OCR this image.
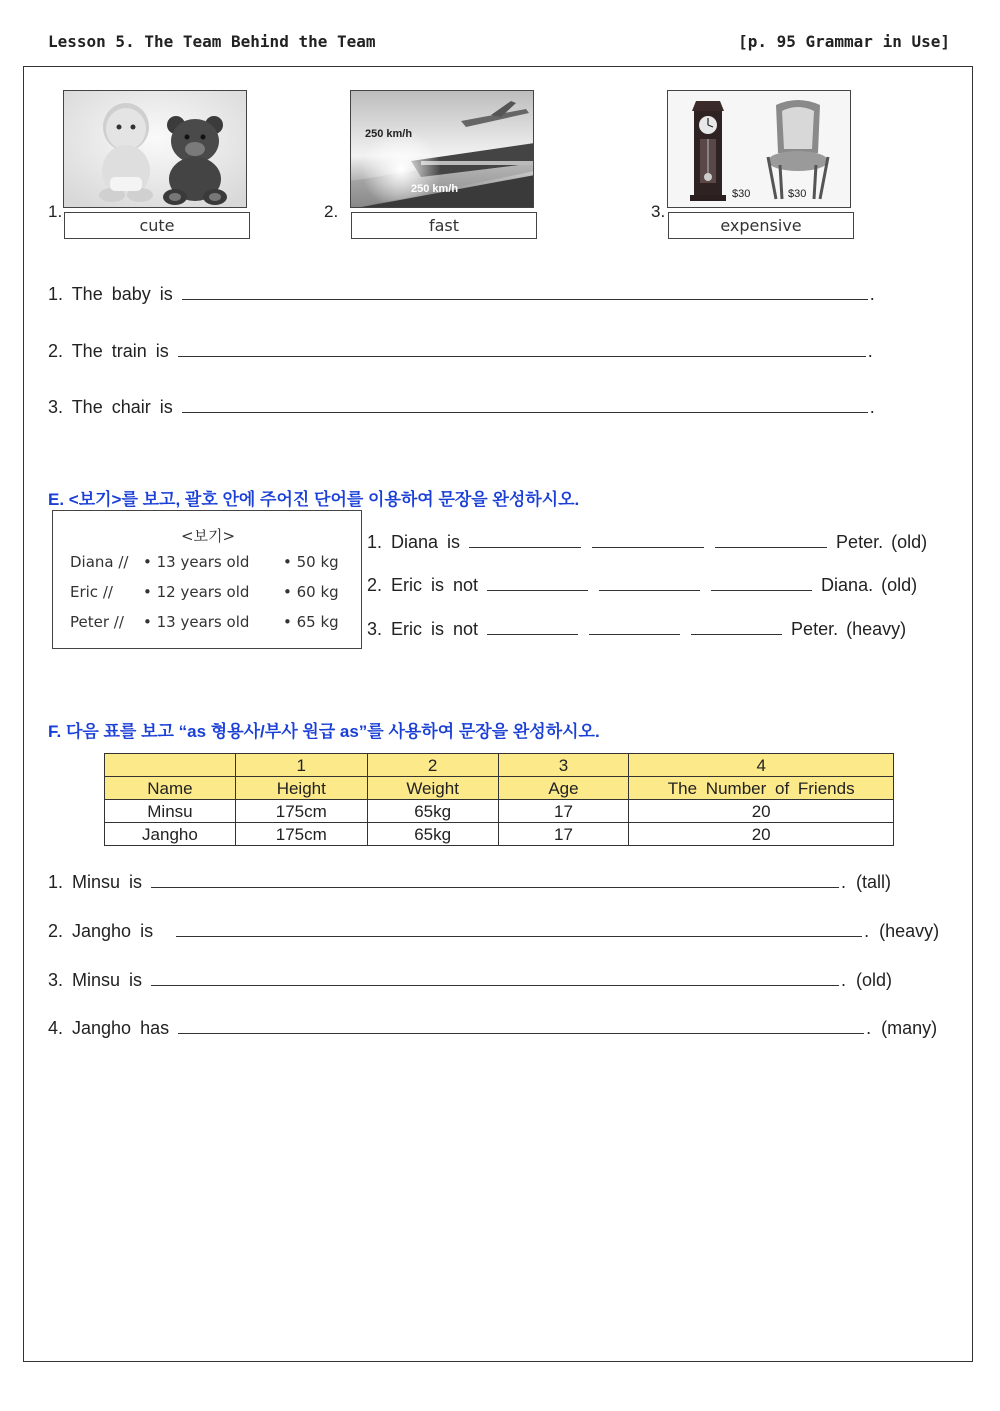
Lesson 5. The Team Behind the Team	[p. 95 Grammar in Use]
1.
cute
2.
250 km/h
250 km/h
fast
3.
$30	$30
expensive
1. The baby is	.
2. The train is	.
3. The chair is	.
E. <보기>를 보고, 괄호 안에 주어진 단어를 이용하여 문장을 완성하시오.
<보기>
Diana // • 13 years old • 50 kg
Eric // • 12 years old • 60 kg
Peter // • 13 years old • 65 kg
1. Diana is	Peter. (old)
2. Eric is not	Diana. (old)
3. Eric is not	Peter. (heavy)
F. 다음 표를 보고 “as 형용사/부사 원급 as”를 사용하여 문장을 완성하시오.
	1	2	3	4
Name	Height	Weight	Age	The Number of Friends
Minsu	175cm	65kg	17	20
Jangho	175cm	65kg	17	20
1. Minsu is	. (tall)
2. Jangho is	. (heavy)
3. Minsu is	. (old)
4. Jangho has	. (many)
